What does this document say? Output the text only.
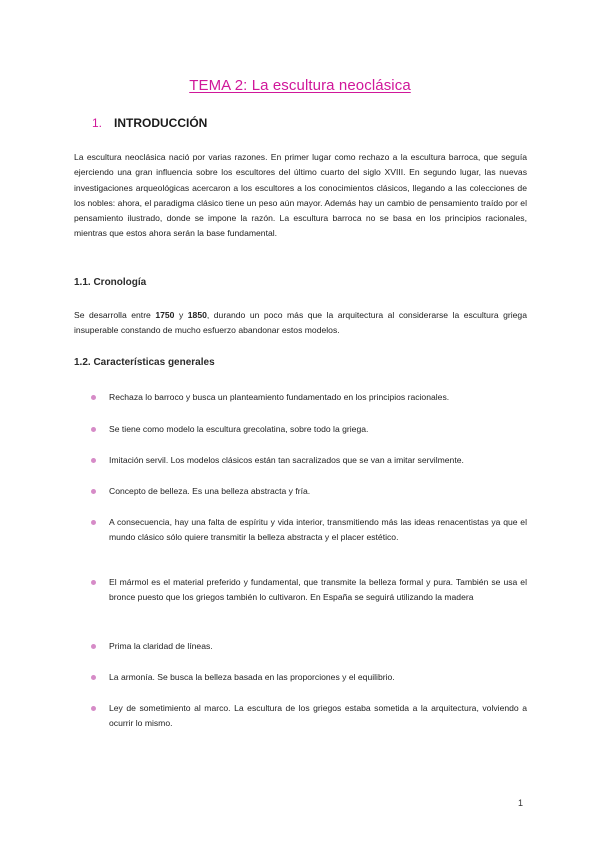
TEMA 2: La escultura neoclásica
1. INTRODUCCIÓN
La escultura neoclásica nació por varias razones. En primer lugar como rechazo a la escultura barroca, que seguía ejerciendo una gran influencia sobre los escultores del último cuarto del siglo XVIII. En segundo lugar, las nuevas investigaciones arqueológicas acercaron a los escultores a los conocimientos clásicos, llegando a las colecciones de los nobles: ahora, el paradigma clásico tiene un peso aún mayor. Además hay un cambio de pensamiento traído por el pensamiento ilustrado, donde se impone la razón. La escultura barroca no se basa en los principios racionales, mientras que estos ahora serán la base fundamental.
1.1. Cronología
Se desarrolla entre 1750 y 1850, durando un poco más que la arquitectura al considerarse la escultura griega insuperable constando de mucho esfuerzo abandonar estos modelos.
1.2. Características generales
Rechaza lo barroco y busca un planteamiento fundamentado en los principios racionales.
Se tiene como modelo la escultura grecolatina, sobre todo la griega.
Imitación servil. Los modelos clásicos están tan sacralizados que se van a imitar servilmente.
Concepto de belleza. Es una belleza abstracta y fría.
A consecuencia, hay una falta de espíritu y vida interior, transmitiendo más las ideas renacentistas ya que el mundo clásico sólo quiere transmitir la belleza abstracta y el placer estético.
El mármol es el material preferido y fundamental, que transmite la belleza formal y pura. También se usa el bronce puesto que los griegos también lo cultivaron. En España se seguirá utilizando la madera
Prima la claridad de líneas.
La armonía. Se busca la belleza basada en las proporciones y el equilibrio.
Ley de sometimiento al marco. La escultura de los griegos estaba sometida a la arquitectura, volviendo a ocurrir lo mismo.
1
